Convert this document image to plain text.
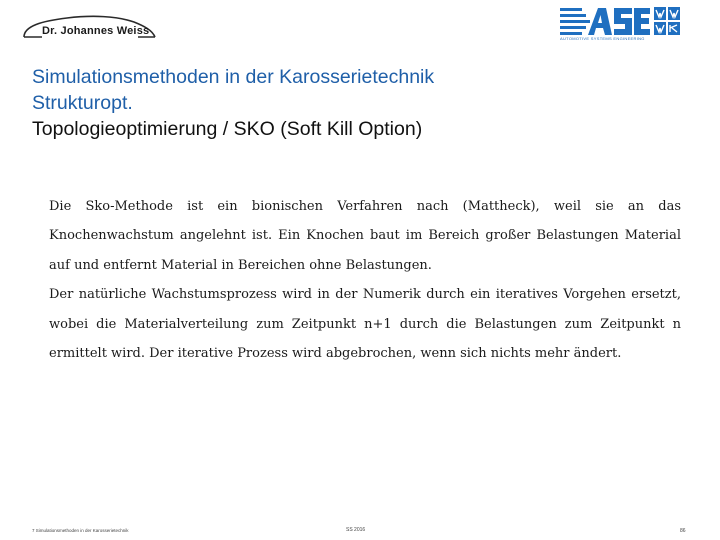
Dr. Johannes Weiss
AUTOMOTIVE SYSTEMS ENGINEERING
Simulationsmethoden in der Karosserietechnik
Strukturopt.
Topologieoptimierung / SKO (Soft Kill Option)

Die Sko-Methode ist ein bionischen Verfahren nach (Mattheck), weil sie an das Knochenwachstum angelehnt ist. Ein Knochen baut im Bereich großer Belastungen Material auf und entfernt Material in Bereichen ohne Belastungen.

Der natürliche Wachstumsprozess wird in der Numerik durch ein iteratives Vorgehen ersetzt, wobei die Materialverteilung zum Zeitpunkt n+1 durch die Belastungen zum Zeitpunkt n ermittelt wird. Der iterative Prozess wird abgebrochen, wenn sich nichts mehr ändert.

7 Simulationsmethoden in der Karosserietechnik	SS 2016	86
